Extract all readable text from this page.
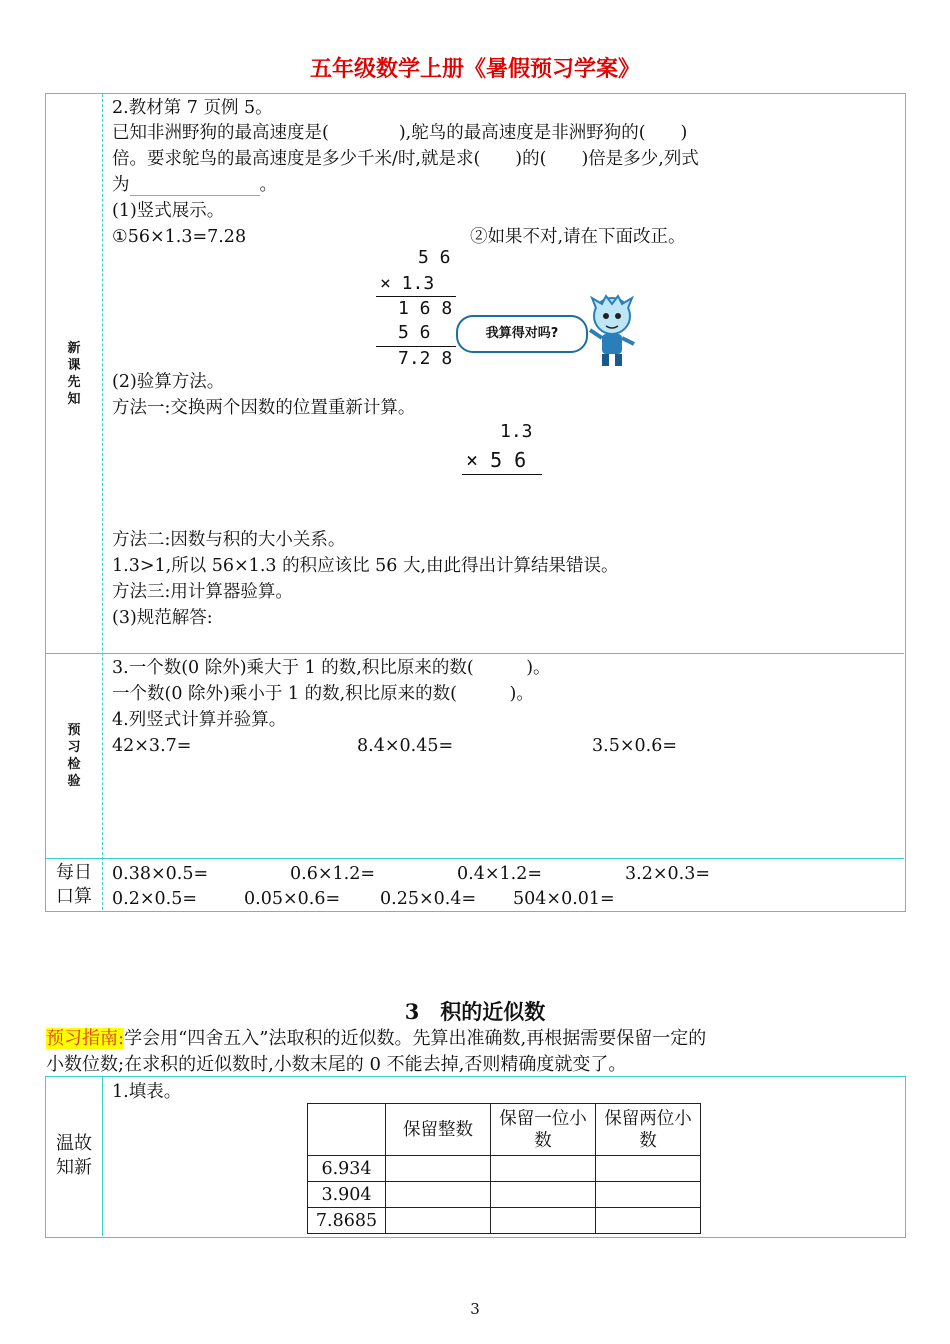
五年级数学上册《暑假预习学案》
新
课
先
知
2.教材第 7 页例 5。
已知非洲野狗的最高速度是(　　　　),鸵鸟的最高速度是非洲野狗的(　　)
倍。要求鸵鸟的最高速度是多少千米/时,就是求(　　)的(　　)倍是多少,列式
为	。
(1)竖式展示。
①56×1.3=7.28	②如果不对,请在下面改正。
5 6
× 1.3
1 6 8
5 6
7.2 8
我算得对吗?
(2)验算方法。
方法一:交换两个因数的位置重新计算。
1.3
× 5 6
方法二:因数与积的大小关系。
1.3>1,所以 56×1.3 的积应该比 56 大,由此得出计算结果错误。
方法三:用计算器验算。
(3)规范解答:
预
习
检
验
3.一个数(0 除外)乘大于 1 的数,积比原来的数(　　　)。
一个数(0 除外)乘小于 1 的数,积比原来的数(　　　)。
4.列竖式计算并验算。
42×3.7=	8.4×0.45=	3.5×0.6=
每日
口算
0.38×0.5=	0.6×1.2=	0.4×1.2=	3.2×0.3=
0.2×0.5=	0.05×0.6= 0.25×0.4= 504×0.01=
3　积的近似数
预习指南:学会用“四舍五入”法取积的近似数。先算出准确数,再根据需要保留一定的
小数位数;在求积的近似数时,小数末尾的 0 不能去掉,否则精确度就变了。
温故
知新
1.填表。
	保留整数	保留一位小数	保留两位小数
6.934			
3.904			
7.8685			
3
